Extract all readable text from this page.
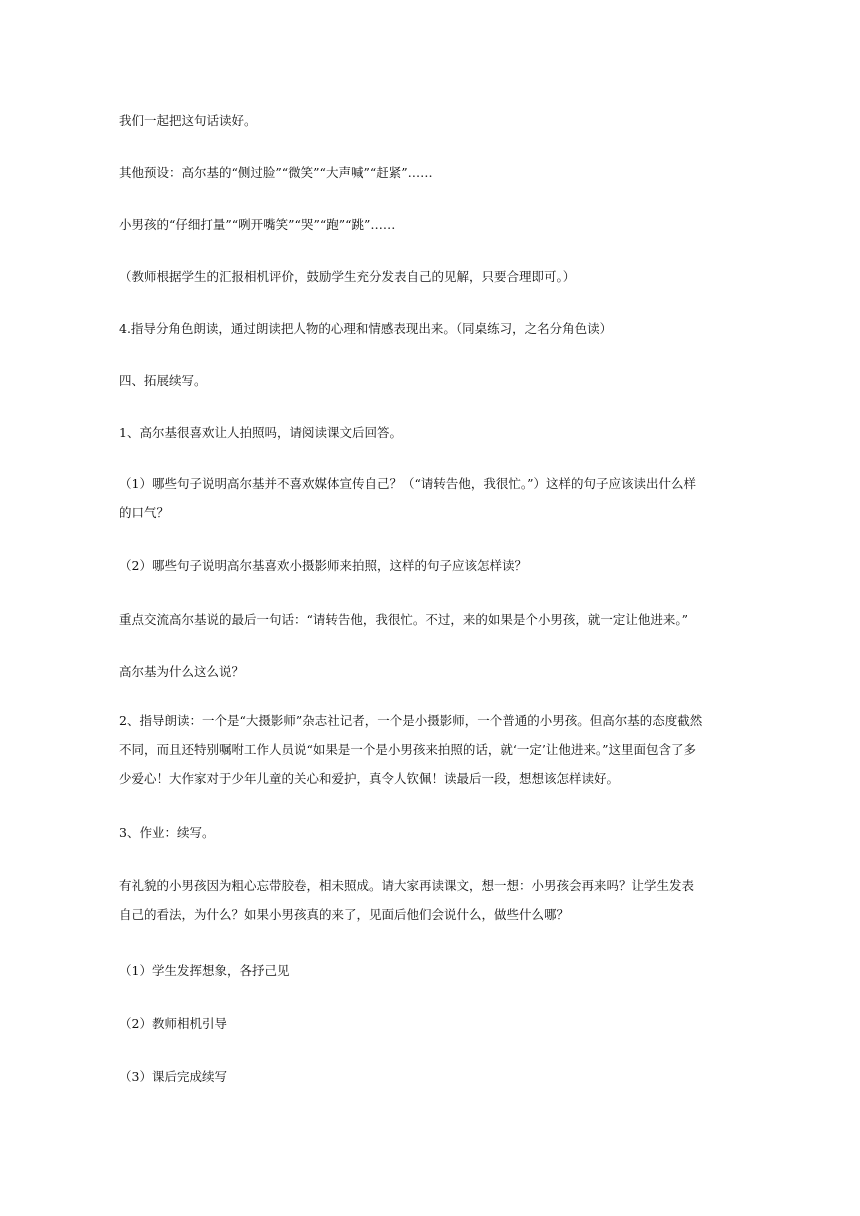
我们一起把这句话读好。

其他预设：高尔基的“侧过脸”“微笑”“大声喊”“赶紧”……

小男孩的“仔细打量”“咧开嘴笑”“哭”“跑”“跳”……

（教师根据学生的汇报相机评价，鼓励学生充分发表自己的见解，只要合理即可。）

4.指导分角色朗读，通过朗读把人物的心理和情感表现出来。（同桌练习，之名分角色读）

四、拓展续写。

1、高尔基很喜欢让人拍照吗，请阅读课文后回答。

（1）哪些句子说明高尔基并不喜欢媒体宣传自己？（“请转告他，我很忙。”）这样的句子应该读出什么样
的口气？

（2）哪些句子说明高尔基喜欢小摄影师来拍照，这样的句子应该怎样读？

重点交流高尔基说的最后一句话：“请转告他，我很忙。不过，来的如果是个小男孩，就一定让他进来。”

高尔基为什么这么说？

2、指导朗读：一个是“大摄影师”杂志社记者，一个是小摄影师，一个普通的小男孩。但高尔基的态度截然
不同，而且还特别嘱咐工作人员说“如果是一个是小男孩来拍照的话，就‘一定’让他进来。”这里面包含了多
少爱心！大作家对于少年儿童的关心和爱护，真令人钦佩！读最后一段，想想该怎样读好。

3、作业：续写。

有礼貌的小男孩因为粗心忘带胶卷，相未照成。请大家再读课文，想一想：小男孩会再来吗？让学生发表
自己的看法，为什么？如果小男孩真的来了，见面后他们会说什么，做些什么哪？

（1）学生发挥想象，各抒己见

（2）教师相机引导

（3）课后完成续写
